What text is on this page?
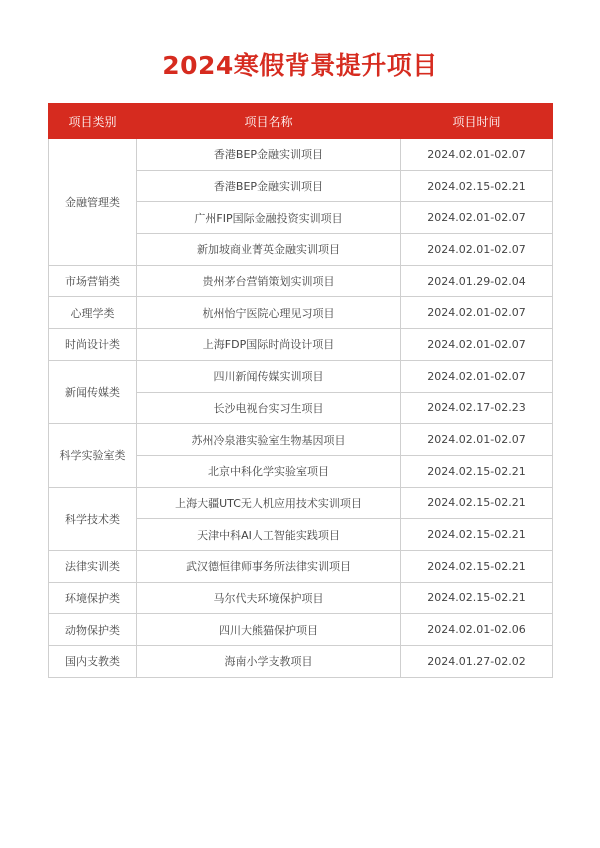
2024寒假背景提升项目
项目类别	项目名称	项目时间
金融管理类	香港BEP金融实训项目	2024.02.01-02.07
	香港BEP金融实训项目	2024.02.15-02.21
	广州FIP国际金融投资实训项目	2024.02.01-02.07
	新加坡商业菁英金融实训项目	2024.02.01-02.07
市场营销类	贵州茅台营销策划实训项目	2024.01.29-02.04
心理学类	杭州怡宁医院心理见习项目	2024.02.01-02.07
时尚设计类	上海FDP国际时尚设计项目	2024.02.01-02.07
新闻传媒类	四川新闻传媒实训项目	2024.02.01-02.07
	长沙电视台实习生项目	2024.02.17-02.23
科学实验室类	苏州冷泉港实验室生物基因项目	2024.02.01-02.07
	北京中科化学实验室项目	2024.02.15-02.21
科学技术类	上海大疆UTC无人机应用技术实训项目	2024.02.15-02.21
	天津中科AI人工智能实践项目	2024.02.15-02.21
法律实训类	武汉德恒律师事务所法律实训项目	2024.02.15-02.21
环境保护类	马尔代夫环境保护项目	2024.02.15-02.21
动物保护类	四川大熊猫保护项目	2024.02.01-02.06
国内支教类	海南小学支教项目	2024.01.27-02.02
